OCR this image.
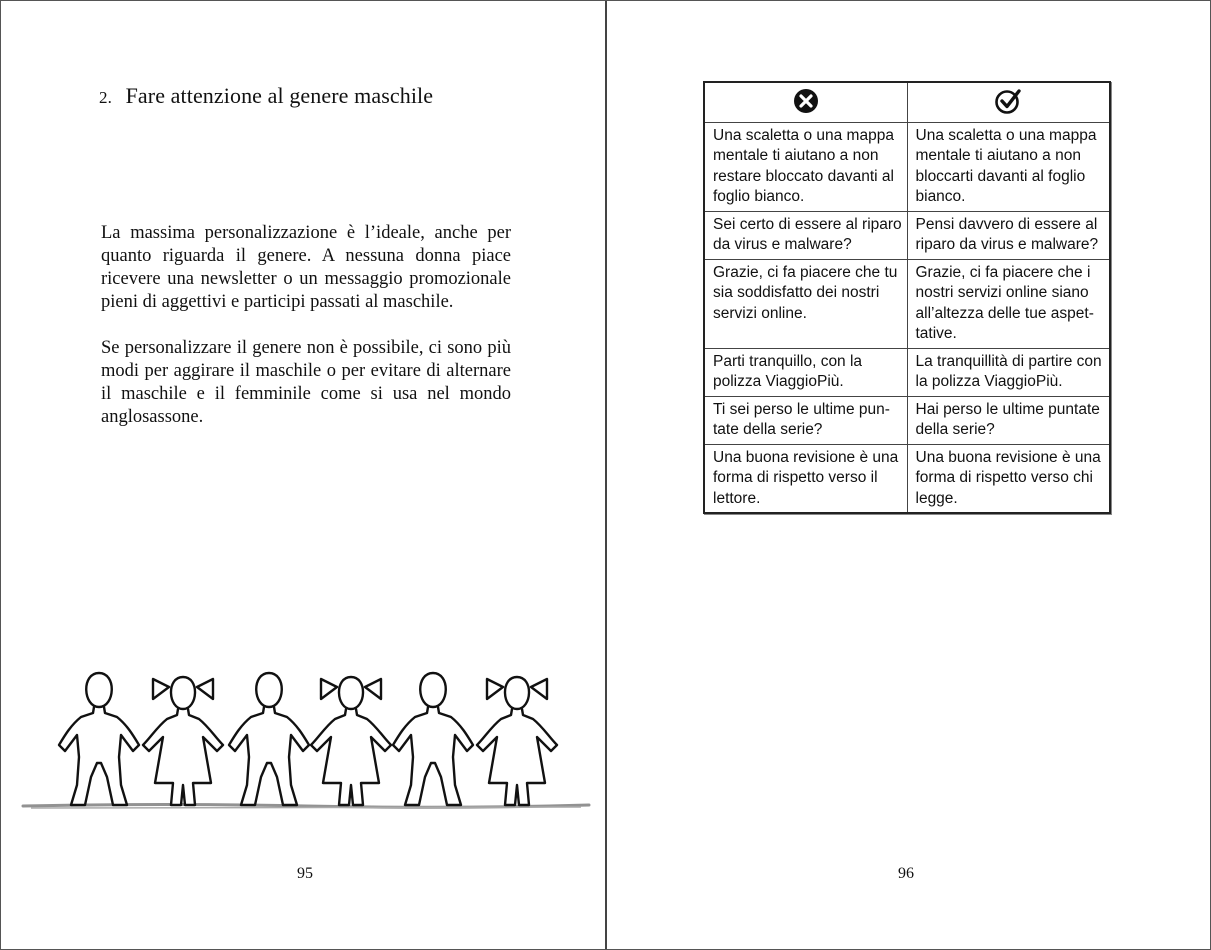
2. Fare attenzione al genere maschile
La massima personalizzazione è l’ideale, anche per quanto riguarda il genere. A nessuna donna piace ricevere una newsletter o un messaggio promozionale pieni di aggettivi e participi passati al maschile.
Se personalizzare il genere non è possibile, ci sono più modi per aggirare il maschile o per evitare di alternare il maschile e il femminile come si usa nel mondo anglosassone.
95

Una scaletta o una mappa mentale ti aiutano a non restare bloccato davanti al foglio bianco.	Una scaletta o una mappa mentale ti aiutano a non bloccarti davanti al foglio bianco.
Sei certo di essere al riparo da virus e malware?	Pensi davvero di essere al riparo da virus e malware?
Grazie, ci fa piacere che tu sia soddisfatto dei nostri servizi online.	Grazie, ci fa piacere che i nostri servizi online siano all’altezza delle tue aspettative.
Parti tranquillo, con la polizza ViaggioPiù.	La tranquillità di partire con la polizza ViaggioPiù.
Ti sei perso le ultime puntate della serie?	Hai perso le ultime puntate della serie?
Una buona revisione è una forma di rispetto verso il lettore.	Una buona revisione è una forma di rispetto verso chi legge.
96
